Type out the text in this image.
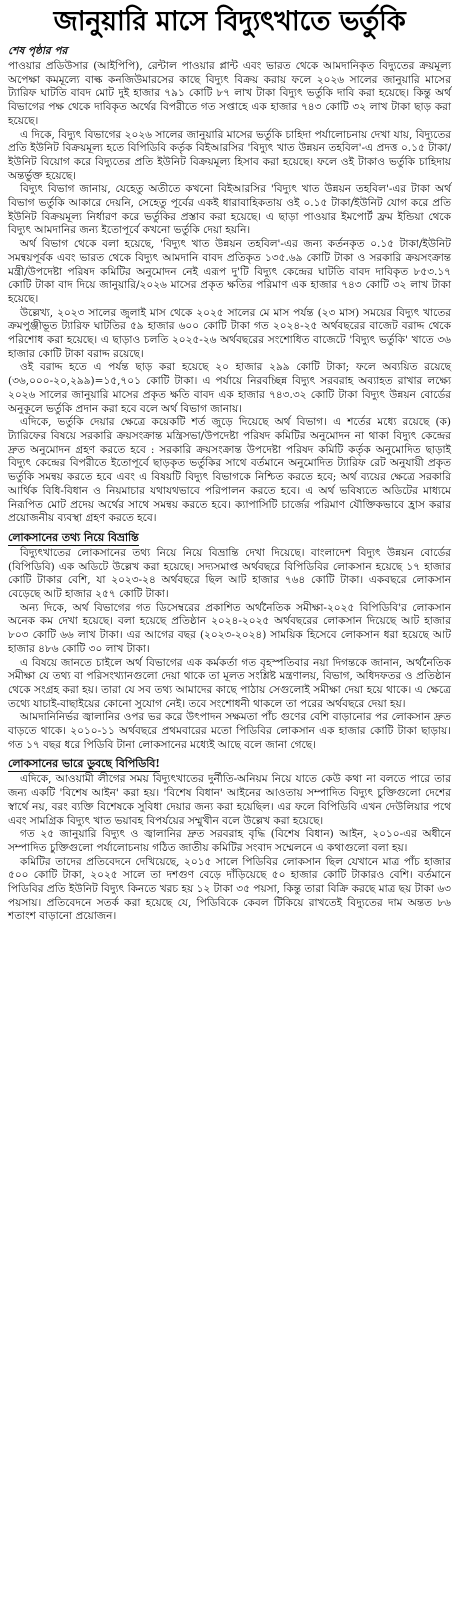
জানুয়ারি মাসে বিদ্যুৎখাতে ভর্তুকি
শেষ পৃষ্ঠার পর

পাওয়ার প্রডিউসার (আইপিপি), রেন্টাল পাওয়ার প্লান্ট এবং ভারত থেকে আমদানিকৃত বিদ্যুতের ক্রয়মূল্য অপেক্ষা কমমূল্যে বাল্ক কনজিউমারসের কাছে বিদ্যুৎ বিক্রয় করায় ফলে ২০২৬ সালের জানুয়ারি মাসের ট্যারিফ ঘাটতি বাবদ মোট দুই হাজার ৭৯১ কোটি ৮৭ লাখ টাকা বিদ্যুৎ ভর্তুকি দাবি করা হয়েছে। কিন্তু অর্থ বিভাগের পক্ষ থেকে দাবিকৃত অর্থের বিপরীতে গত সপ্তাহে এক হাজার ৭৪৩ কোটি ৩২ লাখ টাকা ছাড় করা হয়েছে।

এ দিকে, বিদ্যুৎ বিভাগের ২০২৬ সালের জানুয়ারি মাসের ভর্তুকি চাহিদা পর্যালোচনায় দেখা যায়, বিদ্যুতের প্রতি ইউনিট বিক্রয়মূল্য হতে বিপিডিবি কর্তৃক বিইআরসির 'বিদ্যুৎ খাত উন্নয়ন তহবিল'-এ প্রদত্ত ০.১৫ টাকা/ইউনিট বিয়োগ করে বিদ্যুতের প্রতি ইউনিট বিক্রয়মূল্য হিসাব করা হয়েছে। ফলে ওই টাকাও ভর্তুকি চাহিদায় অন্তর্ভুক্ত হয়েছে।

বিদ্যুৎ বিভাগ জানায়, যেহেতু অতীতে কখনো বিইআরসির 'বিদ্যুৎ খাত উন্নয়ন তহবিল'-এর টাকা অর্থ বিভাগ ভর্তুকি আকারে দেয়নি, সেহেতু পূর্বের একই ধারাবাহিকতায় ওই ০.১৫ টাকা/ইউনিট যোগ করে প্রতি ইউনিট বিক্রয়মূল্য নির্ধারণ করে ভর্তুকির প্রস্তাব করা হয়েছে। এ ছাড়া পাওয়ার ইমপোর্ট ফ্রম ইন্ডিয়া থেকে বিদ্যুৎ আমদানির জন্য ইতোপূর্বে কখনো ভর্তুকি দেয়া হয়নি।

অর্থ বিভাগ থেকে বলা হয়েছে, 'বিদ্যুৎ খাত উন্নয়ন তহবিল'-এর জন্য কর্তনকৃত ০.১৫ টাকা/ইউনিট সমন্বয়পূর্বক এবং ভারত থেকে বিদ্যুৎ আমদানি বাবদ প্রতিকৃত ১৩৫.৬৯ কোটি টাকা ও সরকারি ক্রয়সংক্রান্ত মন্ত্রী/উপদেষ্টা পরিষদ কমিটির অনুমোদন নেই এরূপ দু'টি বিদ্যুৎ কেন্দ্রের ঘাটতি বাবদ দাবিকৃত ৮৫৩.১৭ কোটি টাকা বাদ দিয়ে জানুয়ারি/২০২৬ মাসের প্রকৃত ক্ষতির পরিমাণ এক হাজার ৭৪৩ কোটি ৩২ লাখ টাকা হয়েছে।

উল্লেখ্য, ২০২৩ সালের জুলাই মাস থেকে ২০২৫ সালের মে মাস পর্যন্ত (২৩ মাস) সময়ের বিদ্যুৎ খাতের ক্রমপুঞ্জীভূত ট্যারিফ ঘাটতির ৫৯ হাজার ৬০০ কোটি টাকা গত ২০২৪-২৫ অর্থবছরের বাজেট বরাদ্দ থেকে পরিশোধ করা হয়েছে। এ ছাড়াও চলতি ২০২৫-২৬ অর্থবছরের সংশোধিত বাজেটে 'বিদ্যুৎ ভর্তুকি' খাতে ৩৬ হাজার কোটি টাকা বরাদ্দ রয়েছে।

ওই বরাদ্দ হতে এ পর্যন্ত ছাড় করা হয়েছে ২০ হাজার ২৯৯ কোটি টাকা; ফলে অব্যয়িত রয়েছে (৩৬,০০০-২০,২৯৯)=১৫,৭০১ কোটি টাকা। এ পর্যায়ে নিরবচ্ছিন্ন বিদ্যুৎ সরবরাহ অব্যাহত রাখার লক্ষ্যে ২০২৬ সালের জানুয়ারি মাসের প্রকৃত ক্ষতি বাবদ এক হাজার ৭৪৩.৩২ কোটি টাকা বিদ্যুৎ উন্নয়ন বোর্ডের অনুকূলে ভর্তুকি প্রদান করা হবে বলে অর্থ বিভাগ জানায়।

এদিকে, ভর্তুকি দেয়ার ক্ষেত্রে কয়েকটি শর্ত জুড়ে দিয়েছে অর্থ বিভাগ। এ শর্তের মধ্যে রয়েছে (ক) ট্যারিফের বিষয়ে সরকারি ক্রয়সংক্রান্ত মন্ত্রিসভা/উপদেষ্টা পরিষদ কমিটির অনুমোদন না থাকা বিদ্যুৎ কেন্দ্রের দ্রুত অনুমোদন গ্রহণ করতে হবে : সরকারি ক্রয়সংক্রান্ত উপদেষ্টা পরিষদ কমিটি কর্তৃক অনুমোদিত ছাড়াই বিদ্যুৎ কেন্দ্রের বিপরীতে ইতোপূর্বে ছাড়কৃত ভর্তুকির সাথে বর্তমানে অনুমোদিত ট্যারিফ রেট অনুযায়ী প্রকৃত ভর্তুকি সমন্বয় করতে হবে এবং এ বিষয়টি বিদ্যুৎ বিভাগকে নিশ্চিত করতে হবে; অর্থ ব্যয়ের ক্ষেত্রে সরকারি আর্থিক বিধি-বিধান ও নিয়মাচার যথাযথভাবে পরিপালন করতে হবে। এ অর্থ ভবিষ্যতে অডিটের মাধ্যমে নিরূপিত মোট প্রদেয় অর্থের সাথে সমন্বয় করতে হবে। ক্যাপাসিটি চার্জের পরিমাণ যৌক্তিকভাবে হ্রাস করার প্রয়োজনীয় ব্যবস্থা গ্রহণ করতে হবে।

লোকসানের তথ্য নিয়ে বিভ্রান্তি

বিদ্যুৎখাতের লোকসানের তথ্য নিয়ে নিয়ে বিভ্রান্তি দেখা দিয়েছে। বাংলাদেশ বিদ্যুৎ উন্নয়ন বোর্ডের (বিপিডিবি) এক অডিটে উল্লেখ করা হয়েছে। সদ্যসমাপ্ত অর্থবছরে বিপিডিবির লোকসান হয়েছে ১৭ হাজার কোটি টাকার বেশি, যা ২০২৩-২৪ অর্থবছরে ছিল আট হাজার ৭৬৪ কোটি টাকা। একবছরে লোকসান বেড়েছে আট হাজার ২৫৭ কোটি টাকা।

অন্য দিকে, অর্থ বিভাগের গত ডিসেম্বরের প্রকাশিত অর্থনৈতিক সমীক্ষা-২০২৫ বিপিডিবি'র লোকসান অনেক কম দেখা হয়েছে। বলা হয়েছে প্রতিষ্ঠান ২০২৪-২০২৫ অর্থবছরের লোকসান দিয়েছে আট হাজার ৮০৩ কোটি ৬৬ লাখ টাকা। এর আগের বছর (২০২৩-২০২৪) সাময়িক হিসেবে লোকসান ধরা হয়েছে আট হাজার ৪৮৬ কোটি ৩০ লাখ টাকা।

এ বিষয়ে জানতে চাইলে অর্থ বিভাগের এক কর্মকর্তা গত বৃহস্পতিবার নয়া দিগন্তকে জানান, অর্থনৈতিক সমীক্ষা যে তথ্য বা পরিসংখ্যানগুলো দেয়া থাকে তা মূলত সংশ্লিষ্ট মন্ত্রণালয়, বিভাগ, অধিদফতর ও প্রতিষ্ঠান থেকে সংগ্রহ করা হয়। তারা যে সব তথ্য আমাদের কাছে পাঠায় সেগুলোই সমীক্ষা দেয়া হয়ে থাকে। এ ক্ষেত্রে তথ্যে যাচাই-বাছাইয়ের কোনো সুযোগ নেই। তবে সংশোধনী থাকলে তা পরের অর্থবছরে দেয়া হয়।

আমদানিনির্ভর জ্বালানির ওপর ভর করে উৎপাদন সক্ষমতা পাঁচ গুণের বেশি বাড়ানোর পর লোকসান দ্রুত বাড়তে থাকে। ২০১০-১১ অর্থবছরে প্রথমবারের মতো পিডিবির লোকসান এক হাজার কোটি টাকা ছাড়ায়। গত ১৭ বছর ধরে পিডিবি টানা লোকসানের মধ্যেই আছে বলে জানা গেছে।

লোকসানের ভারে ডুবছে বিপিডিবি!

এদিকে, আওয়ামী লীগের সময় বিদ্যুৎখাতের দুর্নীতি-অনিয়ম নিয়ে যাতে কেউ কথা না বলতে পারে তার জন্য একটি 'বিশেষ আইন' করা হয়। 'বিশেষ বিধান' আইনের আওতায় সম্পাদিত বিদ্যুৎ চুক্তিগুলো দেশের স্বার্থে নয়, বরং ব্যক্তি বিশেষকে সুবিধা দেয়ার জন্য করা হয়েছিল। এর ফলে বিপিডিবি এখন দেউলিয়ার পথে এবং সামগ্রিক বিদ্যুৎ খাত ভয়াবহ বিপর্যয়ের সম্মুখীন বলে উল্লেখ করা হয়েছে।

গত ২৫ জানুয়ারি বিদ্যুৎ ও জ্বালানির দ্রুত সরবরাহ বৃদ্ধি (বিশেষ বিধান) আইন, ২০১০-এর অধীনে সম্পাদিত চুক্তিগুলো পর্যালোচনায় গঠিত জাতীয় কমিটির সংবাদ সম্মেলনে এ কথাগুলো বলা হয়।

কমিটির তাদের প্রতিবেদনে দেখিয়েছে, ২০১৫ সালে পিডিবির লোকসান ছিল যেখানে মাত্র পাঁচ হাজার ৫০০ কোটি টাকা, ২০২৫ সালে তা দশগুণ বেড়ে দাঁড়িয়েছে ৫০ হাজার কোটি টাকারও বেশি। বর্তমানে পিডিবির প্রতি ইউনিট বিদ্যুৎ কিনতে খরচ হয় ১২ টাকা ৩৫ পয়সা, কিন্তু তারা বিক্রি করছে মাত্র ছয় টাকা ৬৩ পয়সায়। প্রতিবেদনে সতর্ক করা হয়েছে যে, পিডিবিকে কেবল টিকিয়ে রাখতেই বিদ্যুতের দাম অন্তত ৮৬ শতাংশ বাড়ানো প্রয়োজন।
